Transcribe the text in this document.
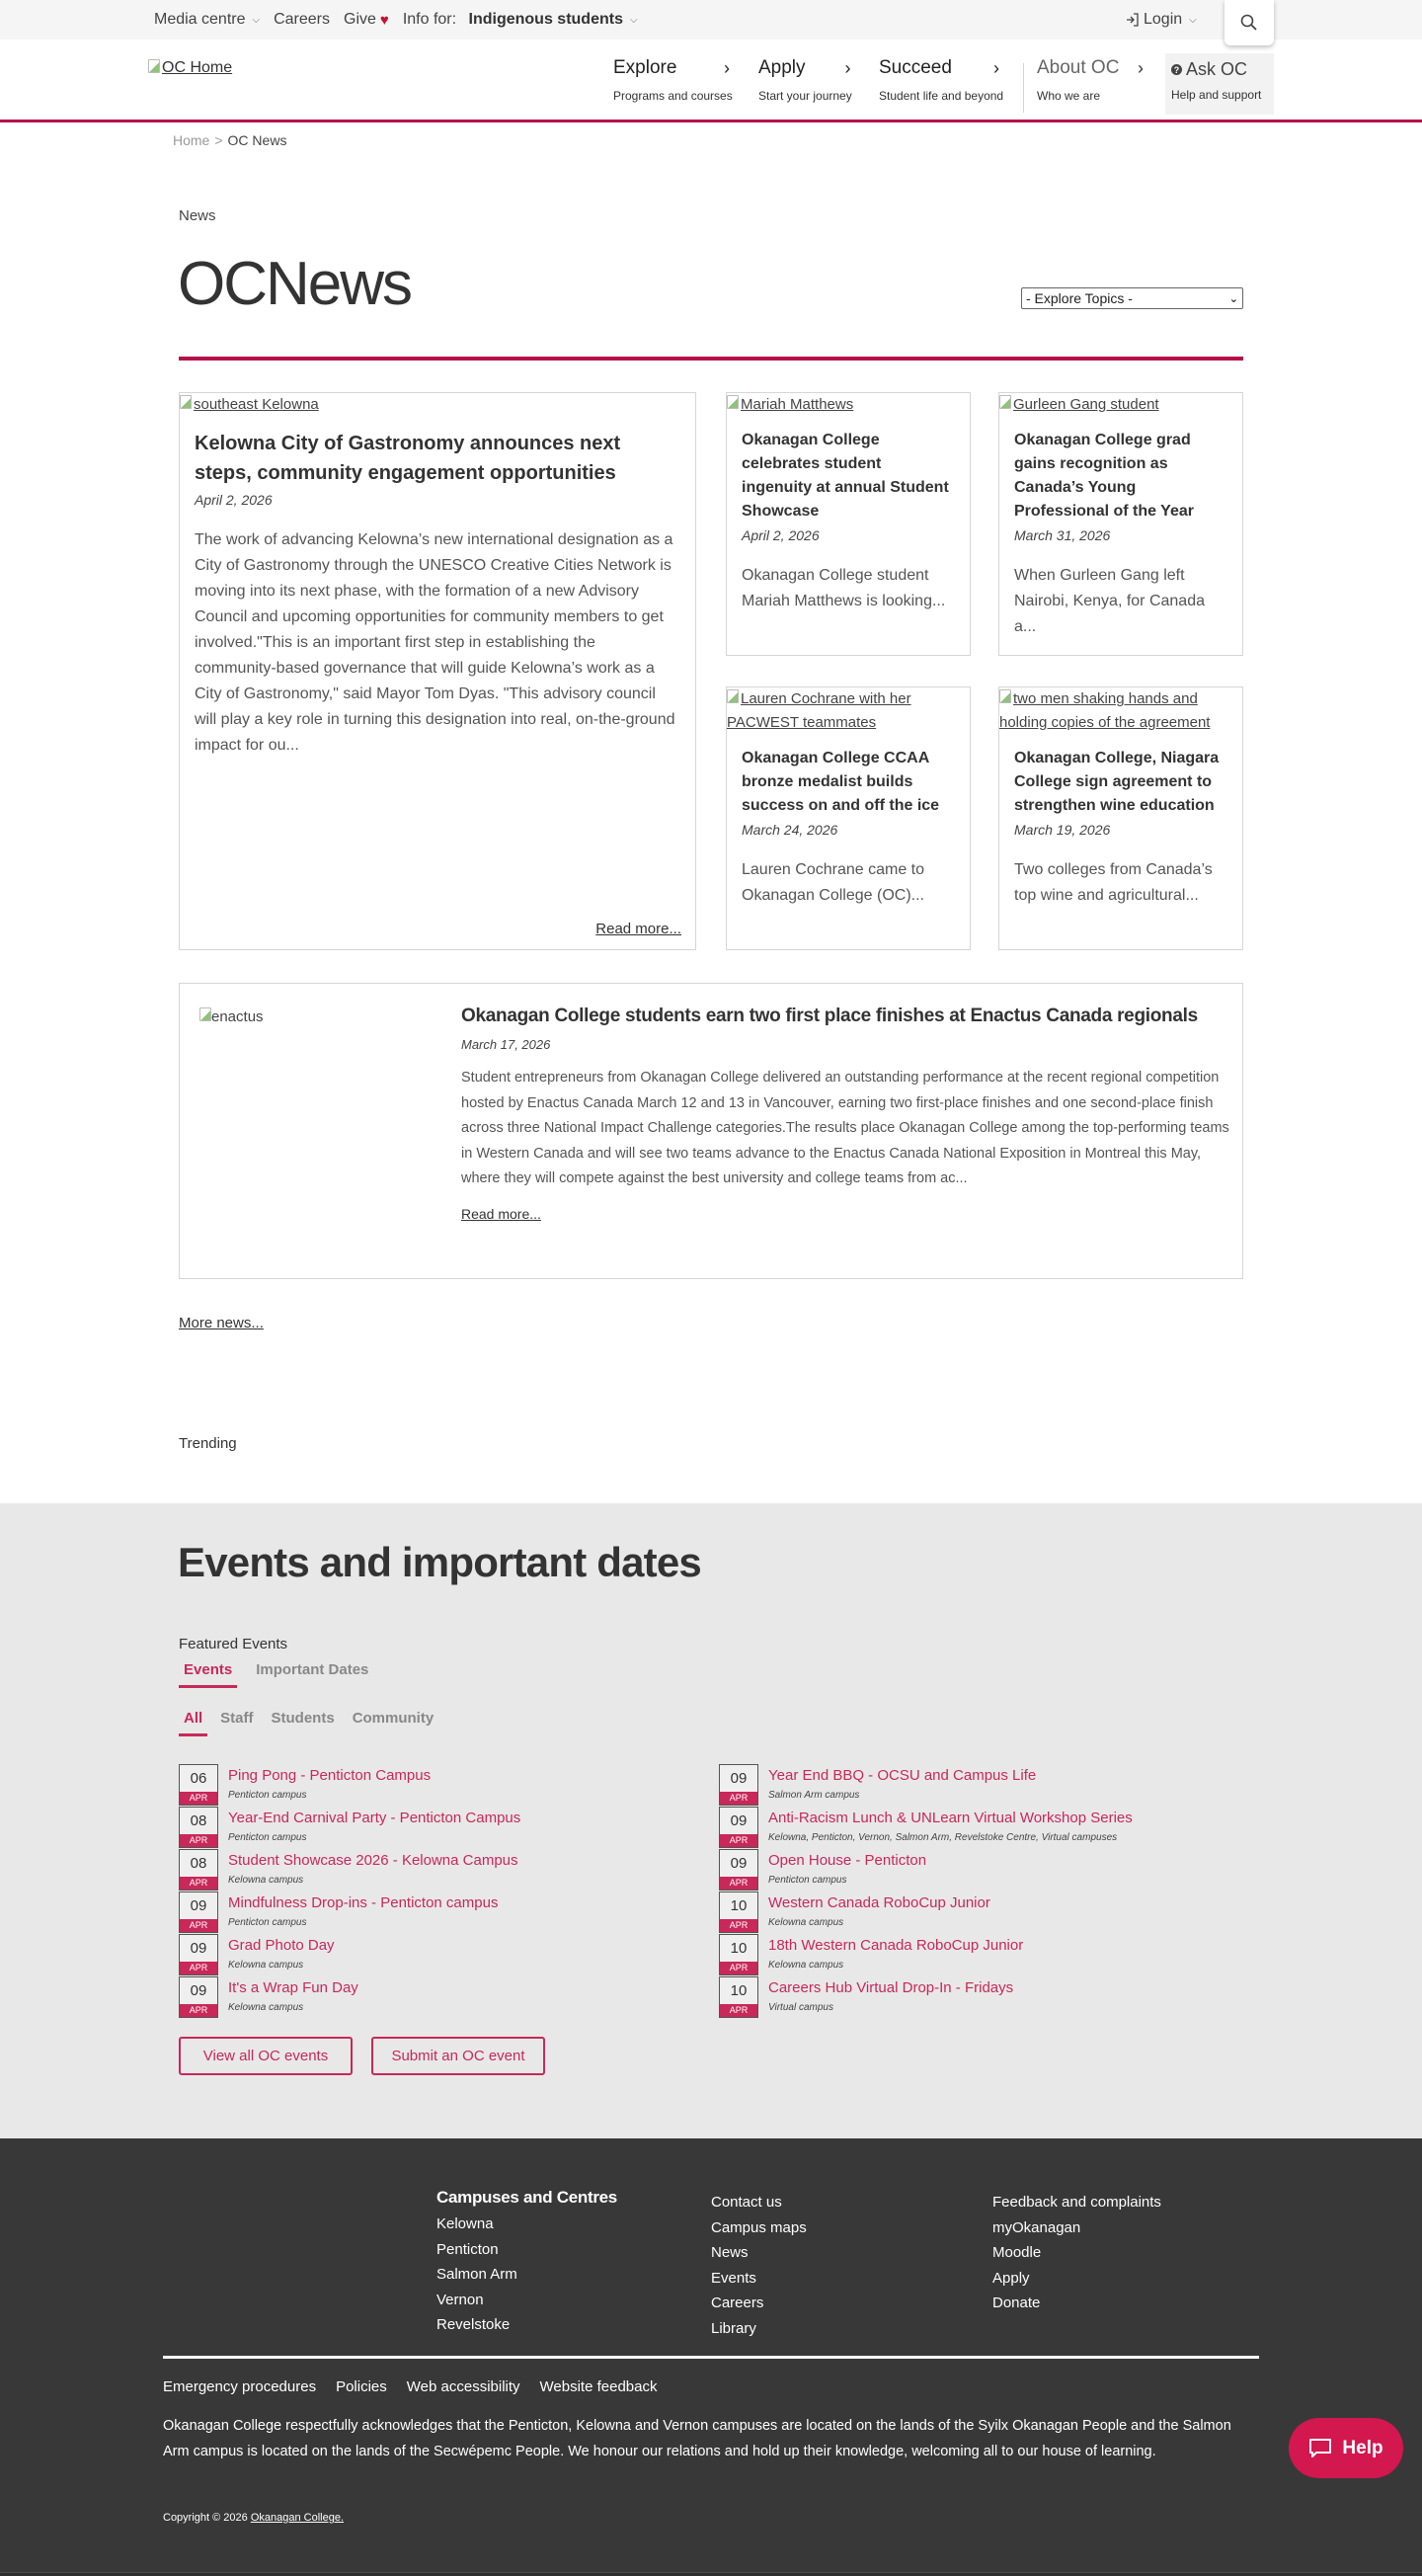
Media centre ⌵ Careers Give ♥ Info for:
Indigenous students ⌵	Login ⌵
OC Home	Explore	›
Programs and courses
Apply ›
Start your journey
Succeed ›
Student life and beyond
About OC ›
Who we are
? Ask OC
Help and support
Home > OC News
News
OCNews	- Explore Topics -	⌄
southeast Kelowna
Kelowna City of Gastronomy announces next steps, community engagement opportunities
April 2, 2026

The work of advancing Kelowna’s new international designation as a City of Gastronomy through the UNESCO Creative Cities Network is moving into its next phase, with the formation of a new Advisory Council and upcoming opportunities for community members to get involved."This is an important first step in establishing the community-based governance that will guide Kelowna’s work as a City of Gastronomy," said Mayor Tom Dyas. "This advisory council will play a key role in turning this designation into real, on-the-ground impact for ou...

Read more...
Mariah Matthews
Okanagan College celebrates student ingenuity at annual Student Showcase
April 2, 2026

Okanagan College student Mariah Matthews is looking...

Gurleen Gang student
Okanagan College grad gains recognition as Canada’s Young Professional of the Year
March 31, 2026

When Gurleen Gang left Nairobi, Kenya, for Canada a...

Lauren Cochrane with her PACWEST teammates
Okanagan College CCAA bronze medalist builds success on and off the ice
March 24, 2026

Lauren Cochrane came to Okanagan College (OC)...

two men shaking hands and holding copies of the agreement
Okanagan College, Niagara College sign agreement to strengthen wine education
March 19, 2026

Two colleges from Canada’s top wine and agricultural...

enactus	Okanagan College students earn two first place finishes at Enactus Canada regionals
March 17, 2026

Student entrepreneurs from Okanagan College delivered an outstanding performance at the recent regional competition hosted by Enactus Canada March 12 and 13 in Vancouver, earning two first-place finishes and one second-place finish across three National Impact Challenge categories.The results place Okanagan College among the top-performing teams in Western Canada and will see two teams advance to the Enactus Canada National Exposition in Montreal this May, where they will compete against the best university and college teams from ac...

Read more...
More news...
Trending
Events and important dates
Featured Events
Events	Important Dates
All	Staff	Students	Community
06
APR
Ping Pong - Penticton Campus
Penticton campus
08
APR
Year-End Carnival Party - Penticton Campus
Penticton campus
08
APR
Student Showcase 2026 - Kelowna Campus
Kelowna campus
09
APR
Mindfulness Drop-ins - Penticton campus
Penticton campus
09
APR
Grad Photo Day
Kelowna campus
09
APR
It's a Wrap Fun Day
Kelowna campus
09
APR
Year End BBQ - OCSU and Campus Life
Salmon Arm campus
09
APR
Anti-Racism Lunch & UNLearn Virtual Workshop Series
Kelowna, Penticton, Vernon, Salmon Arm, Revelstoke Centre, Virtual campuses
09
APR
Open House - Penticton
Penticton campus
10
APR
Western Canada RoboCup Junior
Kelowna campus
10
APR
18th Western Canada RoboCup Junior
Kelowna campus
10
APR
Careers Hub Virtual Drop-In - Fridays
Virtual campus
View all OC events	Submit an OC event
Campuses and Centres
Kelowna
Penticton
Salmon Arm
Vernon
Revelstoke
Contact us
Campus maps
News
Events
Careers
Library
Feedback and complaints
myOkanagan
Moodle
Apply
Donate
Emergency procedures Policies Web accessibility Website feedback

Okanagan College respectfully acknowledges that the Penticton, Kelowna and Vernon campuses are located on the lands of the Syilx Okanagan People and the Salmon Arm campus is located on the lands of the Secwépemc People. We honour our relations and hold up their knowledge, welcoming all to our house of learning.

Copyright © 2026 Okanagan College.
Help
